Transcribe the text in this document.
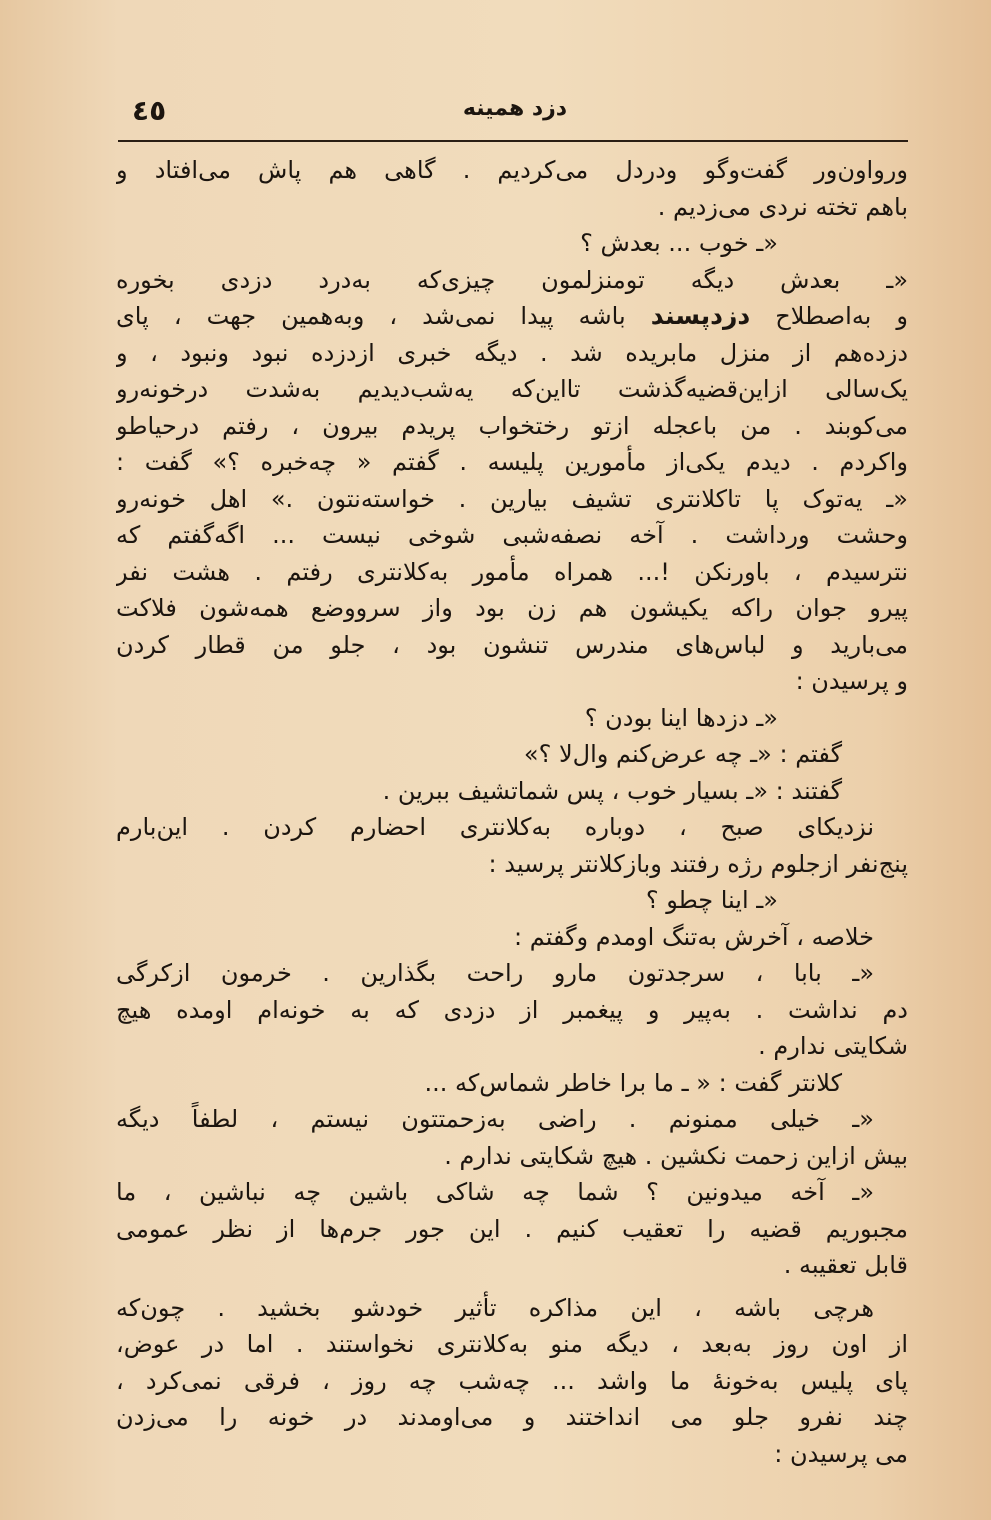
٤٥	دزد همینه
ورواون‌ور گفت‌وگو ودردل می‌کردیم . گاهی هم پاش می‌افتاد و
باهم تخته نردی می‌زدیم .
«ـ خوب ... بعدش ؟
«ـ بعدش دیگه تومنزلمون چیزی‌که به‌درد دزدی بخوره
و به‌اصطلاح دزدپسند باشه پیدا نمی‌شد ، وبه‌همین جهت ، پای
دزده‌هم از منزل مابریده شد . دیگه خبری ازدزده نبود ونبود ، و
یک‌سالی ازاین‌قضیه‌گذشت تااین‌که یه‌شب‌دیدیم به‌شدت درخونه‌رو
می‌کوبند . من باعجله ازتو رختخواب پریدم بیرون ، رفتم درحیاطو
واکردم . دیدم یکی‌از مأمورین پلیسه . گفتم « چه‌خبره ؟» گفت :
«ـ یه‌توک پا تاکلانتری تشیف بیارین . خواسته‌نتون .» اهل خونه‌رو
وحشت ورداشت . آخه نصفه‌شبی شوخی نیست ... اگه‌گفتم که
نترسیدم ، باورنکن !... همراه مأمور به‌کلانتری رفتم . هشت نفر
پیرو جوان راکه یکیشون هم زن بود واز سرووضع همه‌شون فلاکت
می‌بارید و لباس‌های مندرس تنشون بود ، جلو من قطار کردن
و پرسیدن :
«ـ دزدها اینا بودن ؟
گفتم : «ـ چه عرض‌کنم وال‌لا ؟»
گفتند : «ـ بسیار خوب ، پس شماتشیف ببرین .
نزدیکای صبح ، دوباره به‌کلانتری احضارم کردن . این‌بارم
پنج‌نفر ازجلوم رژه رفتند وبازکلانتر پرسید :
«ـ اینا چطو ؟
خلاصه ، آخرش به‌تنگ اومدم وگفتم :
«ـ بابا ، سرجدتون مارو راحت بگذارین . خرمون ازکرگی
دم نداشت . به‌پیر و پیغمبر از دزدی که به خونه‌ام اومده هیچ
شکایتی ندارم .
کلانتر گفت : « ـ ما برا خاطر شماس‌که ...
«ـ خیلی ممنونم . راضی به‌زحمتتون نیستم ، لطفاً دیگه
بیش ازاین زحمت نکشین . هیچ شکایتی ندارم .
«ـ آخه میدونین ؟ شما چه شاکی باشین چه نباشین ، ما
مجبوریم قضیه را تعقیب کنیم . این جور جرم‌ها از نظر عمومی
قابل تعقیبه .
هرچی باشه ، این مذاکره تأثیر خودشو بخشید . چون‌که
از اون روز به‌بعد ، دیگه منو به‌کلانتری نخواستند . اما در عوض،
پای پلیس به‌خونهٔ ما واشد ... چه‌شب چه روز ، فرقی نمی‌کرد ،
چند نفرو جلو می انداختند و می‌اومدند در خونه را می‌زدن
می پرسیدن :
